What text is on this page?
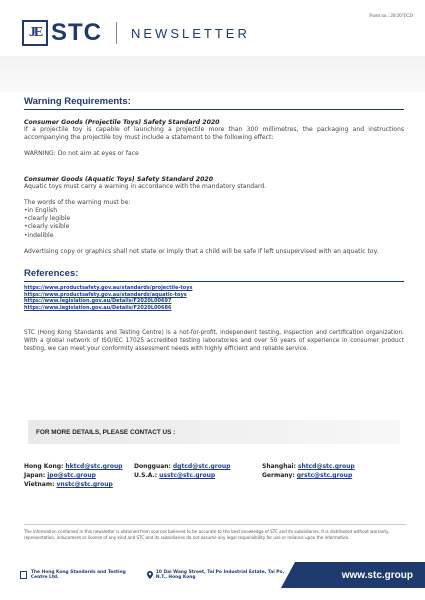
Form no.: 20/20/TCD
JE STC NEWSLETTER
Warning Requirements:
Consumer Goods (Projectile Toys) Safety Standard 2020
If a projectile toy is capable of launching a projectile more than 300 millimetres, the packaging and instructions accompanying the projectile toy must include a statement to the following effect:
WARNING: Do not aim at eyes or face
Consumer Goods (Aquatic Toys) Safety Standard 2020
Aquatic toys must carry a warning in accordance with the mandatory standard.
The words of the warning must be:
•in English
•clearly legible
•clearly visible
•indelible
Advertising copy or graphics shall not state or imply that a child will be safe if left unsupervised with an aquatic toy.
References:
https://www.productsafety.gov.au/standards/projectile-toys
https://www.productsafety.gov.au/standards/aquatic-toys
https://www.legislation.gov.au/Details/F2020L00697
https://www.legislation.gov.au/Details/F2020L00686
STC (Hong Kong Standards and Testing Centre) is a not-for-profit, independent testing, inspection and certification organization. With a global network of ISO/IEC 17025 accredited testing laboratories and over 50 years of experience in consumer product testing, we can meet your conformity assessment needs with highly efficient and reliable service.
FOR MORE DETAILS, PLEASE CONTACT US :
Hong Kong: hktcd@stc.group	Dongguan: dgtcd@stc.group	Shanghai: shtcd@stc.group
Japan: jpo@stc.group	U.S.A.: usstc@stc.group	Germany: grstc@stc.group
Vietnam: vnstc@stc.group
The information contained in this newsletter is obtained from sources believed to be accurate to the best knowledge of STC and its subsidiaries. It is distributed without warranty, representation, inducement or license of any kind and STC and its subsidiaries do not assume any legal responsibility for use or reliance upon the information.
The Hong Kong Standards and Testing Centre Ltd.
10 Dai Wang Street, Tai Po Industrial Estate, Tai Po, N.T., Hong Kong	www.stc.group
